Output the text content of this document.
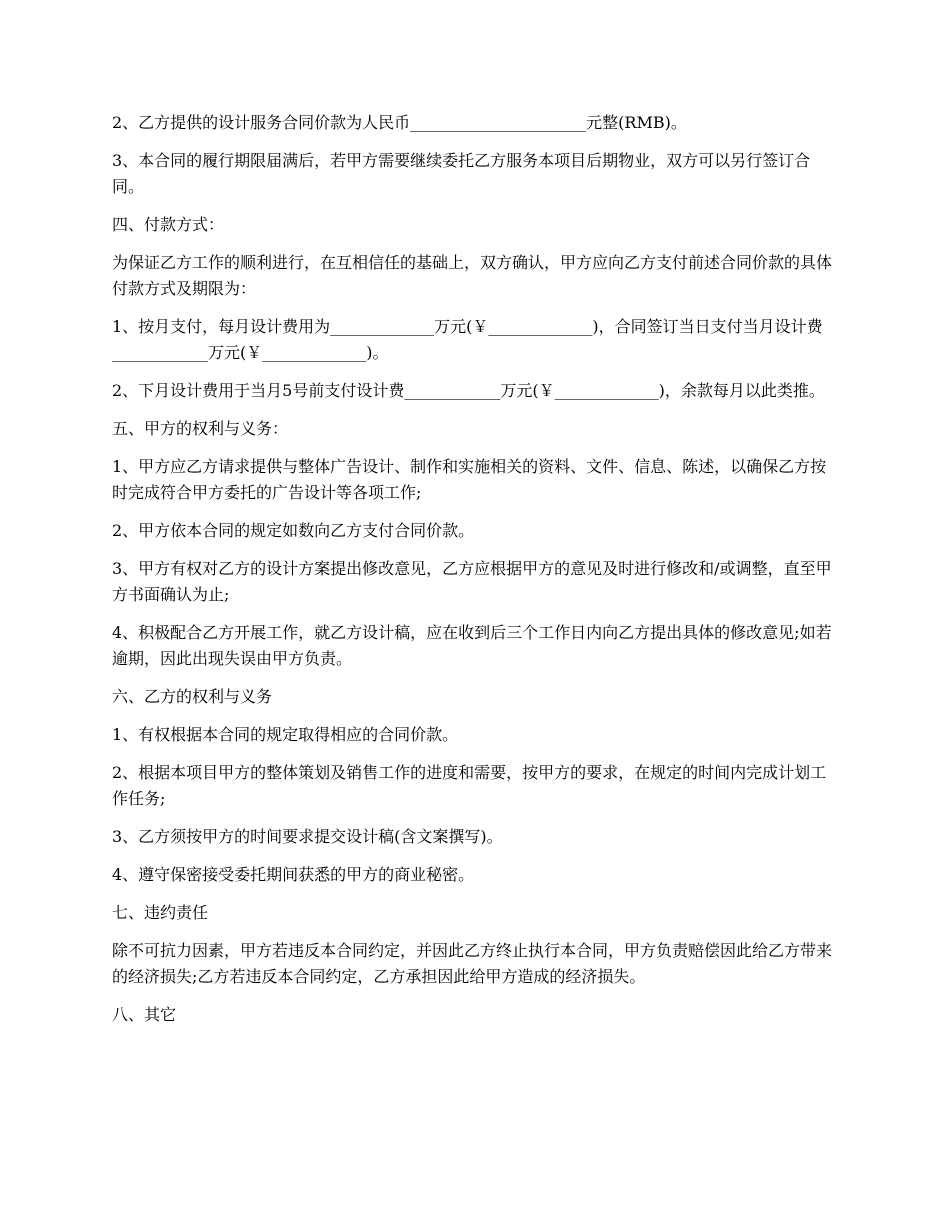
2、乙方提供的设计服务合同价款为人民币______________________元整(RMB)。

3、本合同的履行期限届满后，若甲方需要继续委托乙方服务本项目后期物业，双方可以另行签订合同。

四、付款方式：

为保证乙方工作的顺利进行，在互相信任的基础上，双方确认，甲方应向乙方支付前述合同价款的具体付款方式及期限为：

1、按月支付，每月设计费用为_____________万元(￥_____________)，合同签订当日支付当月设计费____________万元(￥_____________)。

2、下月设计费用于当月5号前支付设计费____________万元(￥_____________)，余款每月以此类推。

五、甲方的权利与义务：

1、甲方应乙方请求提供与整体广告设计、制作和实施相关的资料、文件、信息、陈述，以确保乙方按时完成符合甲方委托的广告设计等各项工作;

2、甲方依本合同的规定如数向乙方支付合同价款。

3、甲方有权对乙方的设计方案提出修改意见，乙方应根据甲方的意见及时进行修改和/或调整，直至甲方书面确认为止;

4、积极配合乙方开展工作，就乙方设计稿，应在收到后三个工作日内向乙方提出具体的修改意见;如若逾期，因此出现失误由甲方负责。

六、乙方的权利与义务

1、有权根据本合同的规定取得相应的合同价款。

2、根据本项目甲方的整体策划及销售工作的进度和需要，按甲方的要求，在规定的时间内完成计划工作任务;

3、乙方须按甲方的时间要求提交设计稿(含文案撰写)。

4、遵守保密接受委托期间获悉的甲方的商业秘密。

七、违约责任

除不可抗力因素，甲方若违反本合同约定，并因此乙方终止执行本合同，甲方负责赔偿因此给乙方带来的经济损失;乙方若违反本合同约定，乙方承担因此给甲方造成的经济损失。

八、其它
